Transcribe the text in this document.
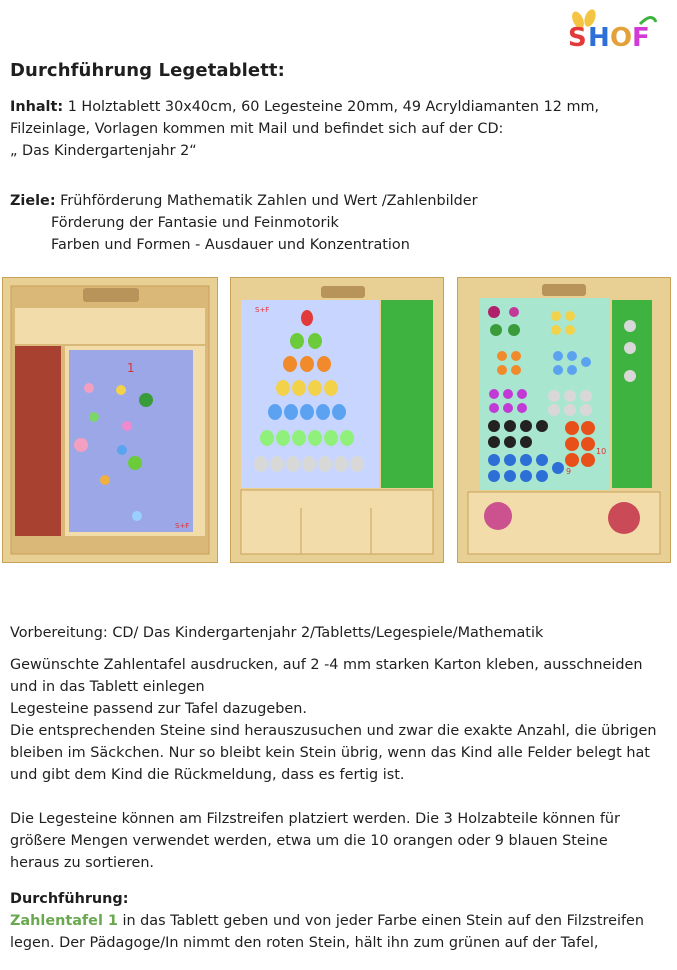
S H O F
Durchführung Legetablett:
Inhalt: 1 Holztablett 30x40cm, 60 Legesteine 20mm, 49 Acryldiamanten 12 mm,
Filzeinlage, Vorlagen kommen mit Mail und befindet sich auf der CD:
„ Das Kindergartenjahr 2“
Ziele: Frühförderung Mathematik Zahlen und Wert /Zahlenbilder
Förderung der Fantasie und Feinmotorik
Farben und Formen - Ausdauer und Konzentration
1
S+F
S+F
9
10
Vorbereitung: CD/ Das Kindergartenjahr 2/Tabletts/Legespiele/Mathematik
Gewünschte Zahlentafel ausdrucken, auf 2 -4 mm starken Karton kleben, ausschneiden
und in das Tablett einlegen
Legesteine passend zur Tafel dazugeben.
Die entsprechenden Steine sind herauszusuchen und zwar die exakte Anzahl, die übrigen
bleiben im Säckchen. Nur so bleibt kein Stein übrig, wenn das Kind alle Felder belegt hat
und gibt dem Kind die Rückmeldung, dass es fertig ist.
Die Legesteine können am Filzstreifen platziert werden. Die 3 Holzabteile können für
größere Mengen verwendet werden, etwa um die 10 orangen oder 9 blauen Steine
heraus zu sortieren.
Durchführung:
Zahlentafel 1 in das Tablett geben und von jeder Farbe einen Stein auf den Filzstreifen
legen. Der Pädagoge/In nimmt den roten Stein, hält ihn zum grünen auf der Tafel,
